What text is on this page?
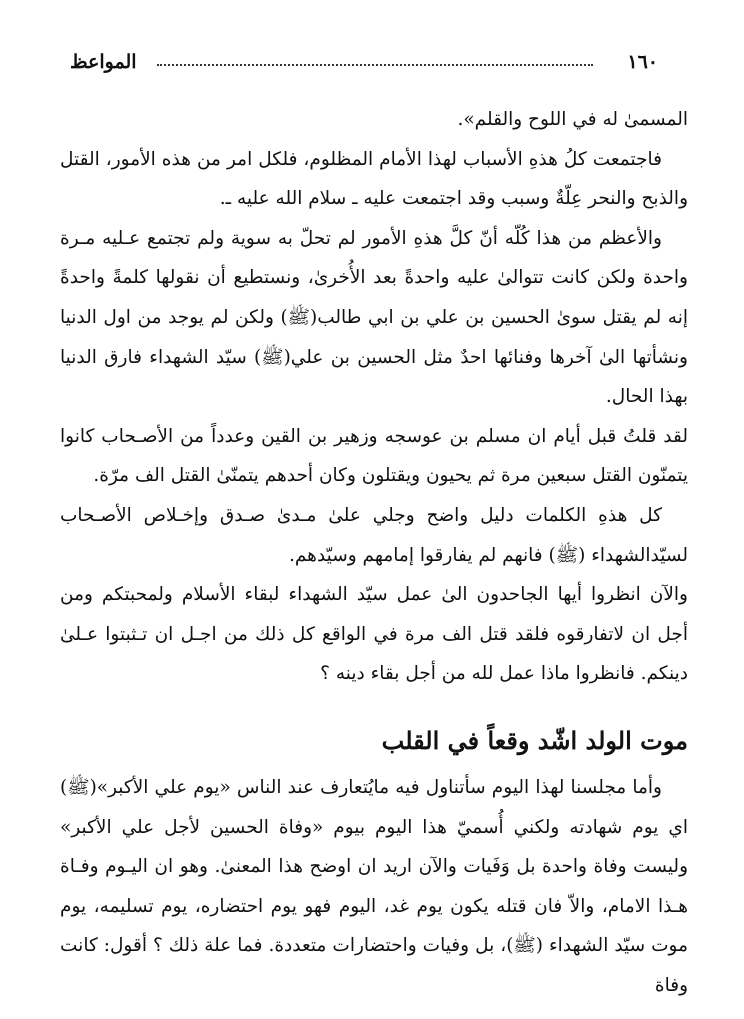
١٦٠
المواعظ

المسمىٰ له في اللوح والقلم».

فاجتمعت كلُ هذهِ الأسباب لهذا الأمام المظلوم، فلكل امر من هذه الأمور، القتل والذبح والنحر عِلّةٌ وسبب وقد اجتمعت عليه ـ سلام الله عليه ـ.

والأعظم من هذا كُلّه أنّ كلَّ هذهِ الأمور لم تحلّ به سوية ولم تجتمع عـليه مـرة واحدة ولكن كانت تتوالىٰ عليه واحدةً بعد الأُخرىٰ، ونستطيع أن نقولها كلمةً واحدةً إنه لم يقتل سوىٰ الحسين بن علي بن ابي طالب(ﷺ) ولكن لم يوجد من اول الدنيا ونشأتها الىٰ آخرها وفنائها احدٌ مثل الحسين بن علي(ﷺ) سيّد الشهداء فارق الدنيا بهذا الحال.

لقد قلتُ قبل أيام ان مسلم بن عوسجه وزهير بن القين وعدداً من الأصـحاب كانوا يتمنّون القتل سبعين مرة ثم يحيون ويقتلون وكان أحدهم يتمنّىٰ القتل الف مرّة.

كل هذهِ الكلمات دليل واضح وجلي علىٰ مـدىٰ صـدق وإخـلاص الأصـحاب لسيّدالشهداء (ﷺ) فانهم لم يفارقوا إمامهم وسيّدهم.

والآن انظروا أيها الجاحدون الىٰ عمل سيّد الشهداء لبقاء الأسلام ولمحبتكم ومن أجل ان لاتفارقوه فلقد قتل الف مرة في الواقع كل ذلك من اجـل ان تـثبتوا عـلىٰ دينكم. فانظروا ماذا عمل لله من أجل بقاء دينه ؟

موت الولد اشّد وقعاً في القلب

وأما مجلسنا لهذا اليوم سأتناول فيه مايُتعارف عند الناس «يوم علي الأكبر»(ﷺ) اي يوم شهادته ولكني أُسميّ هذا اليوم بيوم «وفاة الحسين لأجل علي الأكبر» وليست وفاة واحدة بل وَفَيات والآن اريد ان اوضح هذا المعنىٰ. وهو ان اليـوم وفـاة هـذا الامام، والاّ فان قتله يكون يوم غد، اليوم فهو يوم احتضاره، يوم تسليمه، يوم موت سيّد الشهداء (ﷺ)، بل وفيات واحتضارات متعددة. فما علة ذلك ؟ أقول: كانت وفاة
